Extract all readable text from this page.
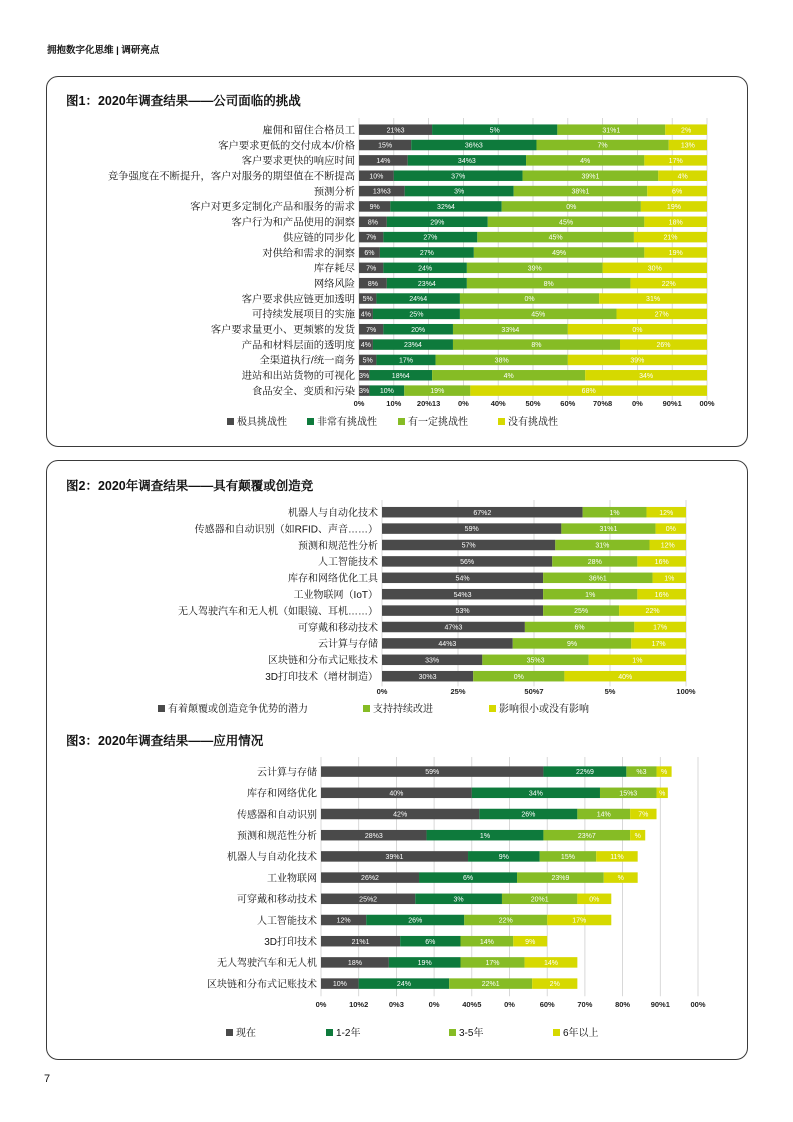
拥抱数字化思维 | 调研亮点
图1：2020年调查结果——公司面临的挑战
0%	10% 20%13 0%	40%	50%	60% 70%8	0%	90%1 00%
雇佣和留住合格员工	21%3	5%	31%1	2%
客户要求更低的交付成本/价格	15%	36%3	7%	13%
客户要求更快的响应时间	14%	34%3	4%	17%
竞争强度在不断提升，客户对服务的期望值在不断提高 10%	37%	39%1	4%
预测分析	13%3	3%	38%1	6%
客户对更多定制化产品和服务的需求 9%	32%4	0%	19%
客户行为和产品使用的洞察 8%	29%	45%	18%
供应链的同步化 7%	27%	45%	21%
对供给和需求的洞察 6%	27%	49%	19%
库存耗尽 7%	24%	39%	30%
网络风险 8%	23%4	8%	22%
客户要求供应链更加透明 5%	24%4	0%	31%
可持续发展项目的实施 4%	25%	45%	27%
客户要求量更小、更频繁的发货 7%	20%	33%4	0%
产品和材料层面的透明度 4%	23%4	8%	26%
全渠道执行/统一商务 5%	17%	38%	39%
进站和出站货物的可视化 3%	18%4	4%	34%
食品安全、变质和污染 3% 10%	19%	68%
极具挑战性	非常有挑战性	有一定挑战性	没有挑战性
图2：2020年调查结果——具有颠覆或创造竞
0%	25%	50%7	5%	100%
机器人与自动化技术	67%2	1%	12%
传感器和自动识别（如RFID、声音……）	59%	31%1	0%
预测和规范性分析	57%	31%	12%
人工智能技术	56%	28%	16%
库存和网络优化工具	54%	36%1	1%
工业物联网（IoT）	54%3	1%	16%
无人驾驶汽车和无人机（如眼镜、耳机……）	53%	25%	22%
可穿戴和移动技术	47%3	6%	17%
云计算与存储	44%3	9%	17%
区块链和分布式记账技术	33%	35%3	1%
3D打印技术（增材制造）	30%3	0%	40%
有着颠覆或创造竞争优势的潜力	支持持续改进	影响很小或没有影响
图3：2020年调查结果——应用情况
0%	10%2	0%3	0%	40%5	0%	60%	70%	80%	90%1	00%
云计算与存储	59%	22%9	%3 %
库存和网络优化	40%	34%	15%3	%
传感器和自动识别	42%	26%	14%	7%
预测和规范性分析	28%3	1%	23%7	%
机器人与自动化技术	39%1	9%	15%	11%
工业物联网	26%2	6%	23%9	%
可穿戴和移动技术	25%2	3%	20%1	0%
人工智能技术	12%	26%	22%	17%
3D打印技术	21%1	6%	14%	9%
无人驾驶汽车和无人机	18%	19%	17%	14%
区块链和分布式记账技术 10%	24%	22%1	2%
现在	1-2年	3-5年	6年以上
7
